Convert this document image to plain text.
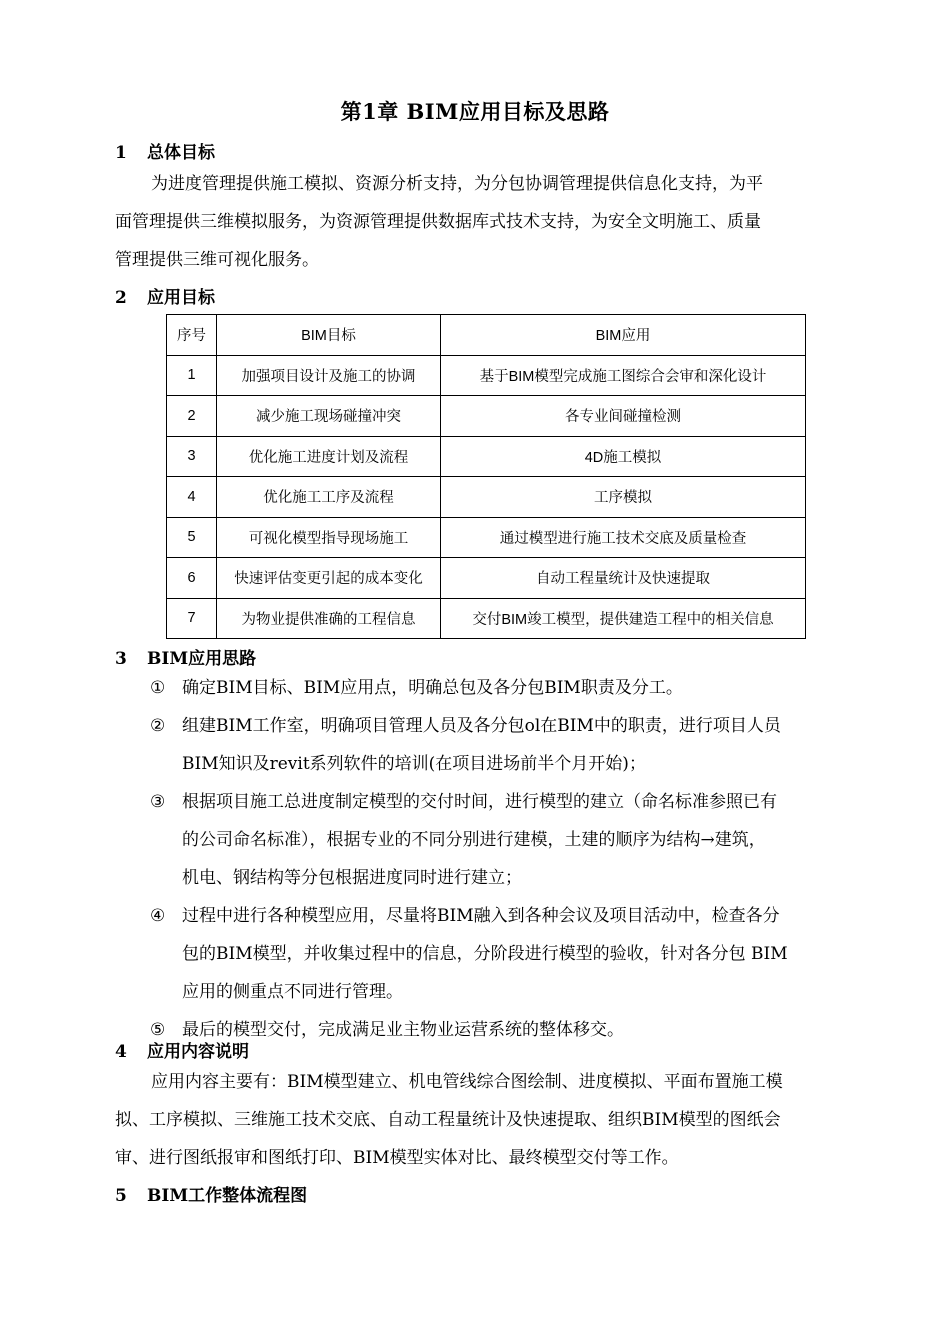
第1章 BIM应用目标及思路
1	总体目标
为进度管理提供施工模拟、资源分析支持，为分包协调管理提供信息化支持，为平
面管理提供三维模拟服务，为资源管理提供数据库式技术支持，为安全文明施工、质量
管理提供三维可视化服务。
2	应用目标
序号	BIM目标	BIM应用
1	加强项目设计及施工的协调	基于BIM模型完成施工图综合会审和深化设计
2	减少施工现场碰撞冲突	各专业间碰撞检测
3	优化施工进度计划及流程	4D施工模拟
4	优化施工工序及流程	工序模拟
5	可视化模型指导现场施工	通过模型进行施工技术交底及质量检查
6	快速评估变更引起的成本变化	自动工程量统计及快速提取
7	为物业提供准确的工程信息	交付BIM竣工模型，提供建造工程中的相关信息
3	BIM应用思路
① 确定BIM目标、BIM应用点，明确总包及各分包BIM职责及分工。
② 组建BIM工作室，明确项目管理人员及各分包ol在BIM中的职责，进行项目人员
BIM知识及revit系列软件的培训(在项目进场前半个月开始)；
③ 根据项目施工总进度制定模型的交付时间，进行模型的建立（命名标准参照已有
的公司命名标准），根据专业的不同分别进行建模，土建的顺序为结构→建筑，
机电、钢结构等分包根据进度同时进行建立；
④ 过程中进行各种模型应用，尽量将BIM融入到各种会议及项目活动中，检查各分
包的BIM模型，并收集过程中的信息，分阶段进行模型的验收，针对各分包 BIM
应用的侧重点不同进行管理。
⑤ 最后的模型交付，完成满足业主物业运营系统的整体移交。
4	应用内容说明
应用内容主要有：BIM模型建立、机电管线综合图绘制、进度模拟、平面布置施工模
拟、工序模拟、三维施工技术交底、自动工程量统计及快速提取、组织BIM模型的图纸会
审、进行图纸报审和图纸打印、BIM模型实体对比、最终模型交付等工作。
5	BIM工作整体流程图
